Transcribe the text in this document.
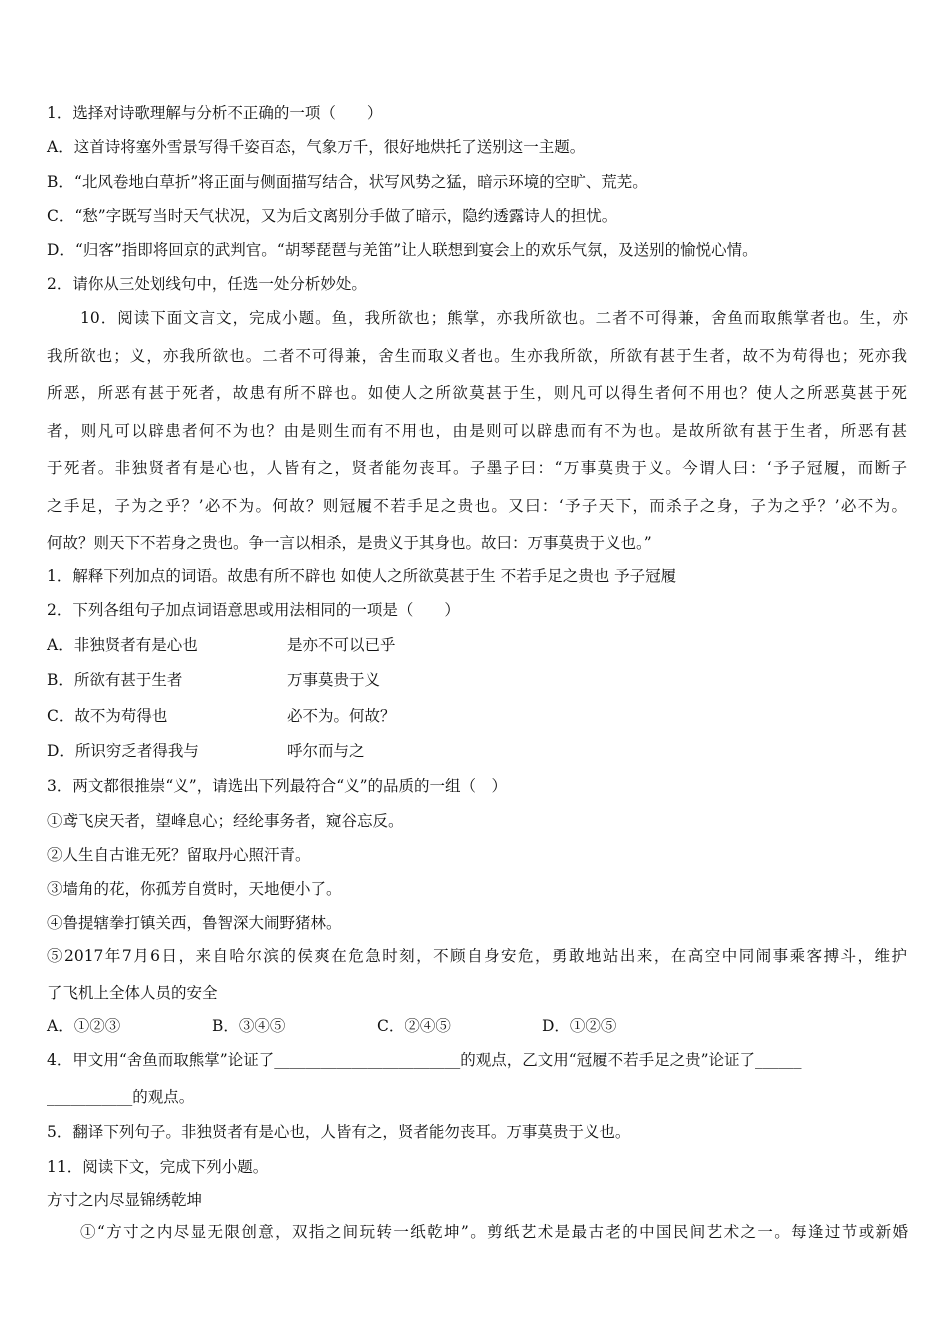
1．选择对诗歌理解与分析不正确的一项（　　）
A．这首诗将塞外雪景写得千姿百态，气象万千，很好地烘托了送别这一主题。
B．“北风卷地白草折”将正面与侧面描写结合，状写风势之猛，暗示环境的空旷、荒芜。
C．“愁”字既写当时天气状况，又为后文离别分手做了暗示，隐约透露诗人的担忧。
D．“归客”指即将回京的武判官。“胡琴琵琶与羌笛”让人联想到宴会上的欢乐气氛，及送别的愉悦心情。
2．请你从三处划线句中，任选一处分析妙处。
10．阅读下面文言文，完成小题。鱼，我所欲也；熊掌，亦我所欲也。二者不可得兼，舍鱼而取熊掌者也。生，亦
我所欲也；义，亦我所欲也。二者不可得兼，舍生而取义者也。生亦我所欲，所欲有甚于生者，故不为苟得也；死亦我
所恶，所恶有甚于死者，故患有所不辟也。如使人之所欲莫甚于生，则凡可以得生者何不用也？使人之所恶莫甚于死
者，则凡可以辟患者何不为也？由是则生而有不用也，由是则可以辟患而有不为也。是故所欲有甚于生者，所恶有甚
于死者。非独贤者有是心也，人皆有之，贤者能勿丧耳。子墨子曰：“万事莫贵于义。今谓人曰：‘予子冠履，而断子
之手足，子为之乎？’必不为。何故？则冠履不若手足之贵也。又曰：‘予子天下，而杀子之身，子为之乎？’必不为。
何故？则天下不若身之贵也。争一言以相杀，是贵义于其身也。故曰：万事莫贵于义也。”
1．解释下列加点的词语。故患有所不辟也 如使人之所欲莫甚于生 不若手足之贵也 予子冠履
2．下列各组句子加点词语意思或用法相同的一项是（　　）
A．非独贤者有是心也	是亦不可以已乎
B．所欲有甚于生者	万事莫贵于义
C．故不为苟得也	必不为。何故？
D．所识穷乏者得我与	呼尔而与之
3．两文都很推崇“义”，请选出下列最符合“义”的品质的一组（　）
①鸢飞戾天者，望峰息心；经纶事务者，窥谷忘反。
②人生自古谁无死？留取丹心照汗青。
③墙角的花，你孤芳自赏时，天地便小了。
④鲁提辖拳打镇关西，鲁智深大闹野猪林。
⑤2017年7月6日，来自哈尔滨的侯爽在危急时刻，不顾自身安危，勇敢地站出来，在高空中同闹事乘客搏斗，维护
了飞机上全体人员的安全
A．①②③	B．③④⑤	C．②④⑤	D．①②⑤
4．甲文用“舍鱼而取熊掌”论证了________________________的观点，乙文用“冠履不若手足之贵”论证了______
___________的观点。
5．翻译下列句子。非独贤者有是心也，人皆有之，贤者能勿丧耳。万事莫贵于义也。
11．阅读下文，完成下列小题。
方寸之内尽显锦绣乾坤
①“方寸之内尽显无限创意，双指之间玩转一纸乾坤”。剪纸艺术是最古老的中国民间艺术之一。每逢过节或新婚
